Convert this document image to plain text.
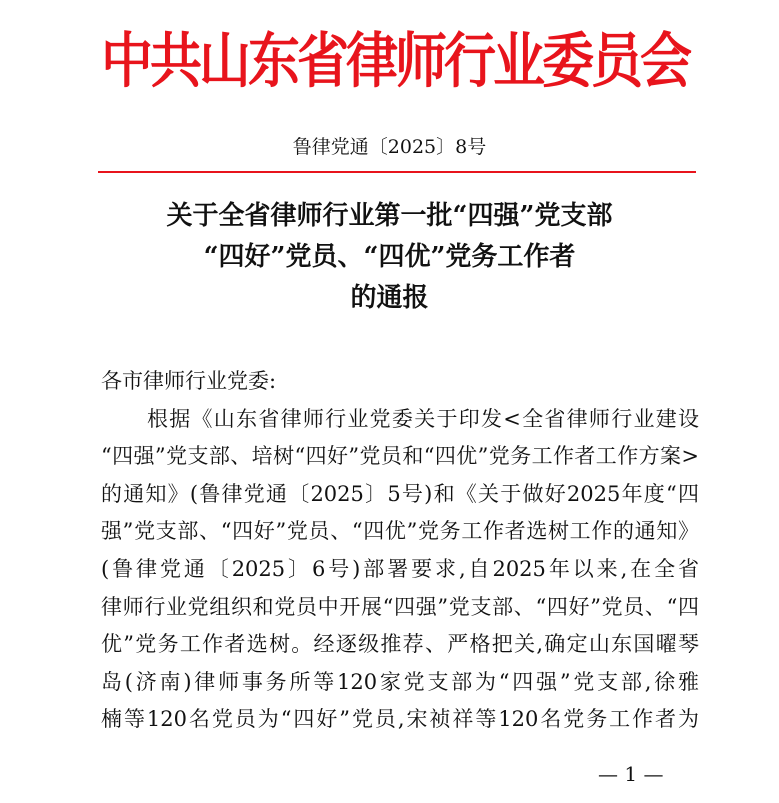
中共山东省律师行业委员会
鲁律党通〔2025〕8号
关于全省律师行业第一批“四强”党支部
“四好”党员、“四优”党务工作者
的通报
各市律师行业党委:
根据《山东省律师行业党委关于印发<全省律师行业建设
“四强”党支部、培树“四好”党员和“四优”党务工作者工作方案>
的通知》(鲁律党通〔2025〕5号)和《关于做好2025年度“四
强”党支部、“四好”党员、“四优”党务工作者选树工作的通知》
(鲁律党通〔2025〕6号)部署要求,自2025年以来,在全省
律师行业党组织和党员中开展“四强”党支部、“四好”党员、“四
优”党务工作者选树。经逐级推荐、严格把关,确定山东国曜琴
岛(济南)律师事务所等120家党支部为“四强”党支部,徐雅
楠等120名党员为“四好”党员,宋祯祥等120名党务工作者为
— 1 —
